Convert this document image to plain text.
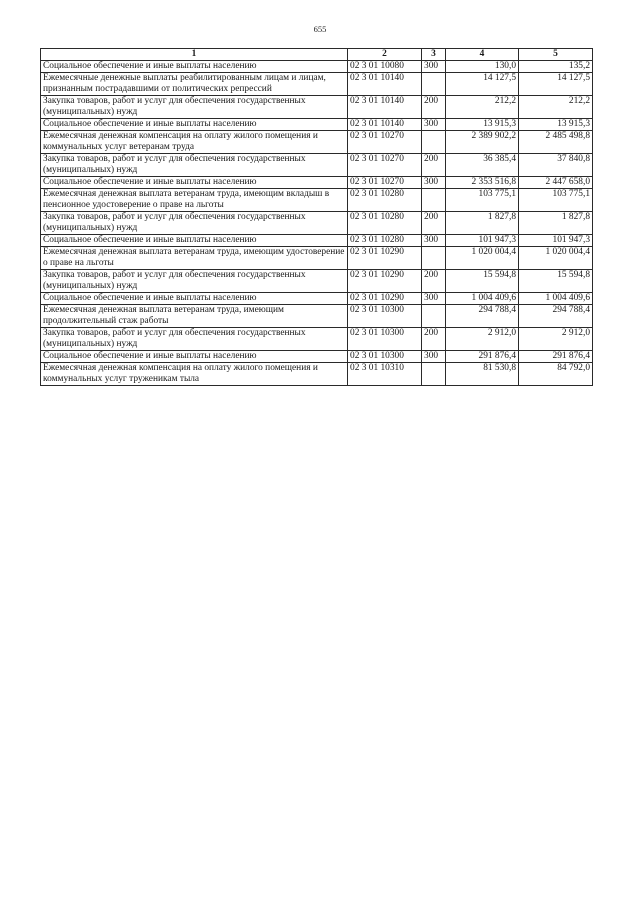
655
1	2	3	4	5
Социальное обеспечение и иные выплаты населению	02 3 01 10080	300	130,0	135,2
Ежемесячные денежные выплаты реабилитированным лицам и лицам, признанным пострадавшими от политических репрессий	02 3 01 10140		14 127,5	14 127,5
Закупка товаров, работ и услуг для обеспечения государственных (муниципальных) нужд	02 3 01 10140	200	212,2	212,2
Социальное обеспечение и иные выплаты населению	02 3 01 10140	300	13 915,3	13 915,3
Ежемесячная денежная компенсация на оплату жилого помещения и коммунальных услуг ветеранам труда	02 3 01 10270		2 389 902,2	2 485 498,8
Закупка товаров, работ и услуг для обеспечения государственных (муниципальных) нужд	02 3 01 10270	200	36 385,4	37 840,8
Социальное обеспечение и иные выплаты населению	02 3 01 10270	300	2 353 516,8	2 447 658,0
Ежемесячная денежная выплата ветеранам труда, имеющим вкладыш в пенсионное удостоверение о праве на льготы	02 3 01 10280		103 775,1	103 775,1
Закупка товаров, работ и услуг для обеспечения государственных (муниципальных) нужд	02 3 01 10280	200	1 827,8	1 827,8
Социальное обеспечение и иные выплаты населению	02 3 01 10280	300	101 947,3	101 947,3
Ежемесячная денежная выплата ветеранам труда, имеющим удостоверение о праве на льготы	02 3 01 10290		1 020 004,4	1 020 004,4
Закупка товаров, работ и услуг для обеспечения государственных (муниципальных) нужд	02 3 01 10290	200	15 594,8	15 594,8
Социальное обеспечение и иные выплаты населению	02 3 01 10290	300	1 004 409,6	1 004 409,6
Ежемесячная денежная выплата ветеранам труда, имеющим продолжительный стаж работы	02 3 01 10300		294 788,4	294 788,4
Закупка товаров, работ и услуг для обеспечения государственных (муниципальных) нужд	02 3 01 10300	200	2 912,0	2 912,0
Социальное обеспечение и иные выплаты населению	02 3 01 10300	300	291 876,4	291 876,4
Ежемесячная денежная компенсация на оплату жилого помещения и коммунальных услуг труженикам тыла	02 3 01 10310		81 530,8	84 792,0
